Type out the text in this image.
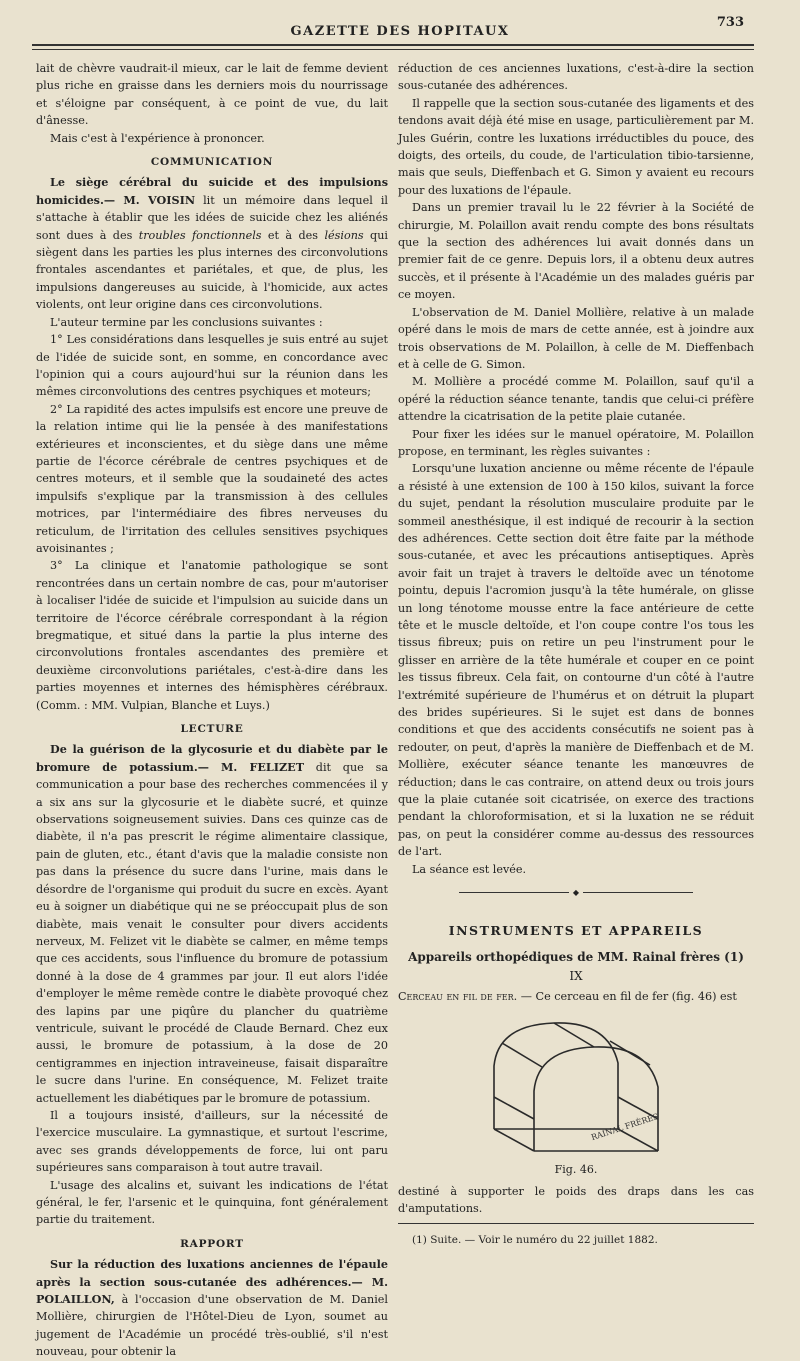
GAZETTE DES HOPITAUX
733

lait de chèvre vaudrait-il mieux, car le lait de femme devient plus riche en graisse dans les derniers mois du nourrissage et s'éloigne par conséquent, à ce point de vue, du lait d'ânesse.

Mais c'est à l'expérience à prononcer.

COMMUNICATION

Le siège cérébral du suicide et des impulsions homicides.— M. VOISIN lit un mémoire dans lequel il s'attache à établir que les idées de suicide chez les aliénés sont dues à des troubles fonctionnels et à des lésions qui siègent dans les parties les plus internes des circonvolutions frontales ascendantes et pariétales, et que, de plus, les impulsions dangereuses au suicide, à l'homicide, aux actes violents, ont leur origine dans ces circonvolutions.

L'auteur termine par les conclusions suivantes :

1° Les considérations dans lesquelles je suis entré au sujet de l'idée de suicide sont, en somme, en concordance avec l'opinion qui a cours aujourd'hui sur la réunion dans les mêmes circonvolutions des centres psychiques et moteurs;

2° La rapidité des actes impulsifs est encore une preuve de la relation intime qui lie la pensée à des manifestations extérieures et inconscientes, et du siège dans une même partie de l'écorce cérébrale de centres psychiques et de centres moteurs, et il semble que la soudaineté des actes impulsifs s'explique par la transmission à des cellules motrices, par l'intermédiaire des fibres nerveuses du reticulum, de l'irritation des cellules sensitives psychiques avoisinantes ;

3° La clinique et l'anatomie pathologique se sont rencontrées dans un certain nombre de cas, pour m'autoriser à localiser l'idée de suicide et l'impulsion au suicide dans un territoire de l'écorce cérébrale correspondant à la région bregmatique, et situé dans la partie la plus interne des circonvolutions frontales ascendantes des première et deuxième circonvolutions pariétales, c'est-à-dire dans les parties moyennes et internes des hémisphères cérébraux. (Comm. : MM. Vulpian, Blanche et Luys.)

LECTURE

De la guérison de la glycosurie et du diabète par le bromure de potassium.— M. FELIZET dit que sa communication a pour base des recherches commencées il y a six ans sur la glycosurie et le diabète sucré, et quinze observations soigneusement suivies. Dans ces quinze cas de diabète, il n'a pas prescrit le régime alimentaire classique, pain de gluten, etc., étant d'avis que la maladie consiste non pas dans la présence du sucre dans l'urine, mais dans le désordre de l'organisme qui produit du sucre en excès. Ayant eu à soigner un diabétique qui ne se préoccupait plus de son diabète, mais venait le consulter pour divers accidents nerveux, M. Felizet vit le diabète se calmer, en même temps que ces accidents, sous l'influence du bromure de potassium donné à la dose de 4 grammes par jour. Il eut alors l'idée d'employer le même remède contre le diabète provoqué chez des lapins par une piqûre du plancher du quatrième ventricule, suivant le procédé de Claude Bernard. Chez eux aussi, le bromure de potassium, à la dose de 20 centigrammes en injection intraveineuse, faisait disparaître le sucre dans l'urine. En conséquence, M. Felizet traite actuellement les diabétiques par le bromure de potassium.

Il a toujours insisté, d'ailleurs, sur la nécessité de l'exercice musculaire. La gymnastique, et surtout l'escrime, avec ses grands développements de force, lui ont paru supérieures sans comparaison à tout autre travail.

L'usage des alcalins et, suivant les indications de l'état général, le fer, l'arsenic et le quinquina, font généralement partie du traitement.

RAPPORT

Sur la réduction des luxations anciennes de l'épaule après la section sous-cutanée des adhérences.— M. POLAILLON, à l'occasion d'une observation de M. Daniel Mollière, chirurgien de l'Hôtel-Dieu de Lyon, soumet au jugement de l'Académie un procédé très-oublié, s'il n'est nouveau, pour obtenir la

réduction de ces anciennes luxations, c'est-à-dire la section sous-cutanée des adhérences.

Il rappelle que la section sous-cutanée des ligaments et des tendons avait déjà été mise en usage, particulièrement par M. Jules Guérin, contre les luxations irréductibles du pouce, des doigts, des orteils, du coude, de l'articulation tibio-tarsienne, mais que seuls, Dieffenbach et G. Simon y avaient eu recours pour des luxations de l'épaule.

Dans un premier travail lu le 22 février à la Société de chirurgie, M. Polaillon avait rendu compte des bons résultats que la section des adhérences lui avait donnés dans un premier fait de ce genre. Depuis lors, il a obtenu deux autres succès, et il présente à l'Académie un des malades guéris par ce moyen.

L'observation de M. Daniel Mollière, relative à un malade opéré dans le mois de mars de cette année, est à joindre aux trois observations de M. Polaillon, à celle de M. Dieffenbach et à celle de G. Simon.

M. Mollière a procédé comme M. Polaillon, sauf qu'il a opéré la réduction séance tenante, tandis que celui-ci préfère attendre la cicatrisation de la petite plaie cutanée.

Pour fixer les idées sur le manuel opératoire, M. Polaillon propose, en terminant, les règles suivantes :

Lorsqu'une luxation ancienne ou même récente de l'épaule a résisté à une extension de 100 à 150 kilos, suivant la force du sujet, pendant la résolution musculaire produite par le sommeil anesthésique, il est indiqué de recourir à la section des adhérences. Cette section doit être faite par la méthode sous-cutanée, et avec les précautions antiseptiques. Après avoir fait un trajet à travers le deltoïde avec un ténotome pointu, depuis l'acromion jusqu'à la tête humérale, on glisse un long ténotome mousse entre la face antérieure de cette tête et le muscle deltoïde, et l'on coupe contre l'os tous les tissus fibreux; puis on retire un peu l'instrument pour le glisser en arrière de la tête humérale et couper en ce point les tissus fibreux. Cela fait, on contourne d'un côté à l'autre l'extrémité supérieure de l'humérus et on détruit la plupart des brides supérieures. Si le sujet est dans de bonnes conditions et que des accidents consécutifs ne soient pas à redouter, on peut, d'après la manière de Dieffenbach et de M. Mollière, exécuter séance tenante les manœuvres de réduction; dans le cas contraire, on attend deux ou trois jours que la plaie cutanée soit cicatrisée, on exerce des tractions pendant la chloroformisation, et si la luxation ne se réduit pas, on peut la considérer comme au-dessus des ressources de l'art.

La séance est levée.

◆
INSTRUMENTS ET APPAREILS
Appareils orthopédiques de MM. Rainal frères (1)
IX

Cerceau en fil de fer. — Ce cerceau en fil de fer (fig. 46) est

RAINAL FRÈRES
Fig. 46.

destiné à supporter le poids des draps dans les cas d'amputations.

(1) Suite. — Voir le numéro du 22 juillet 1882.
